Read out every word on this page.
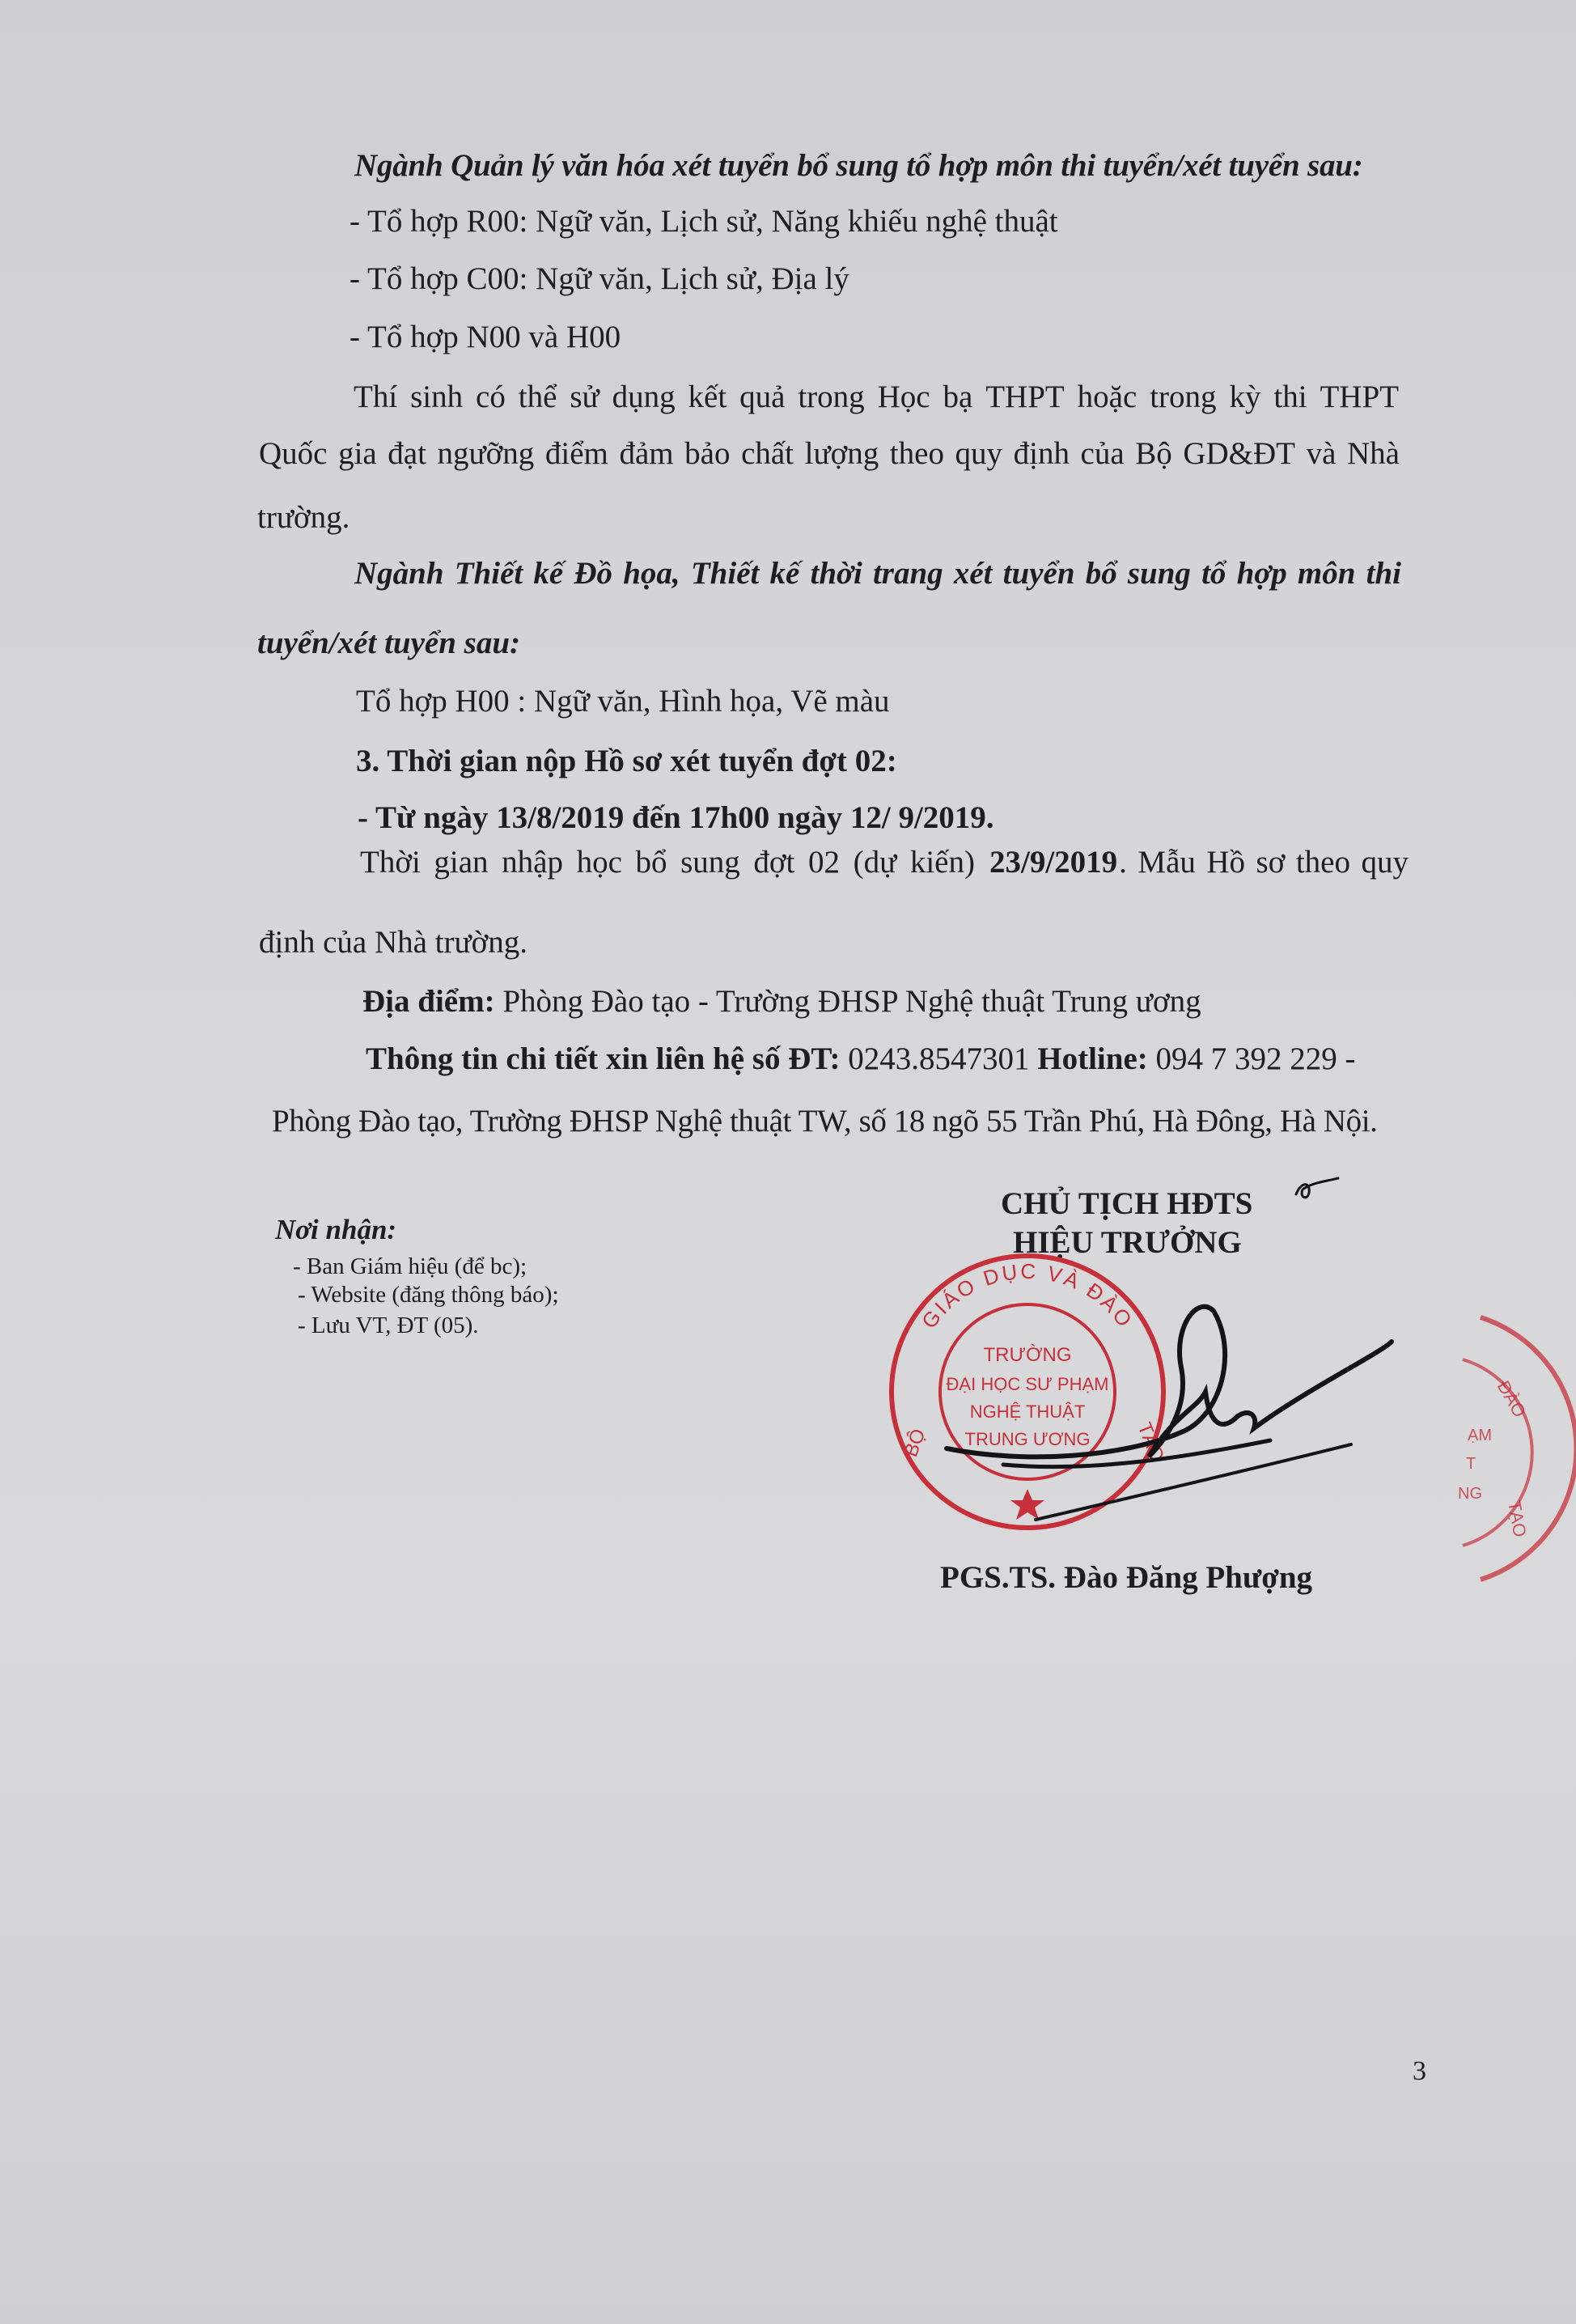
Ngành Quản lý văn hóa xét tuyển bổ sung tổ hợp môn thi tuyển/xét tuyển sau:
- Tổ hợp R00: Ngữ văn, Lịch sử, Năng khiếu nghệ thuật
- Tổ hợp C00: Ngữ văn, Lịch sử, Địa lý
- Tổ hợp N00 và H00
Thí sinh có thể sử dụng kết quả trong Học bạ THPT hoặc trong kỳ thi THPT
Quốc gia đạt ngưỡng điểm đảm bảo chất lượng theo quy định của Bộ GD&ĐT và Nhà
trường.
Ngành Thiết kế Đồ họa, Thiết kế thời trang xét tuyển bổ sung tổ hợp môn thi
tuyển/xét tuyển sau:
Tổ hợp H00 : Ngữ văn, Hình họa, Vẽ màu
3. Thời gian nộp Hồ sơ xét tuyển đợt 02:
- Từ ngày 13/8/2019 đến 17h00 ngày 12/ 9/2019.
Thời gian nhập học bổ sung đợt 02 (dự kiến) 23/9/2019 . Mẫu Hồ sơ theo quy
định của Nhà trường.
Địa điểm: Phòng Đào tạo - Trường ĐHSP Nghệ thuật Trung ương
Thông tin chi tiết xin liên hệ số ĐT: 0243.8547301 Hotline: 094 7 392 229 -
Phòng Đào tạo, Trường ĐHSP Nghệ thuật TW, số 18 ngõ 55 Trần Phú, Hà Đông, Hà Nội.
Nơi nhận:
- Ban Giám hiệu (để bc);
- Website (đăng thông báo);
- Lưu VT, ĐT (05).
CHỦ TỊCH HĐTS
HIỆU TRƯỞNG
PGS.TS. Đào Đăng Phượng
GIÁO DỤC VÀ ĐÀO
BỘ	TẠO
TRƯỜNG
ĐẠI HỌC SƯ PHẠM
NGHỆ THUẬT
TRUNG ƯƠNG
ĐÀO
ẠM
T
NG
TẠO
3
